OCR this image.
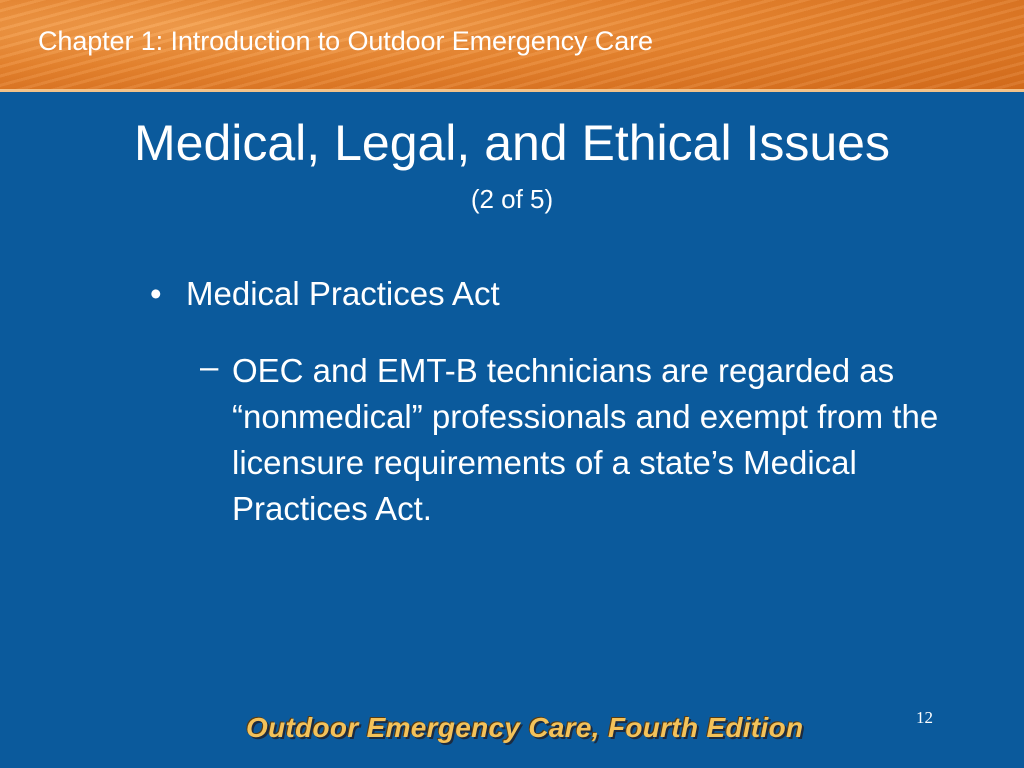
Chapter 1: Introduction to Outdoor Emergency Care
Medical, Legal, and Ethical Issues
(2 of 5)
• Medical Practices Act
– OEC and EMT-B technicians are regarded as “nonmedical” professionals and exempt from the licensure requirements of a state’s Medical Practices Act.
12
Outdoor Emergency Care, Fourth Edition
